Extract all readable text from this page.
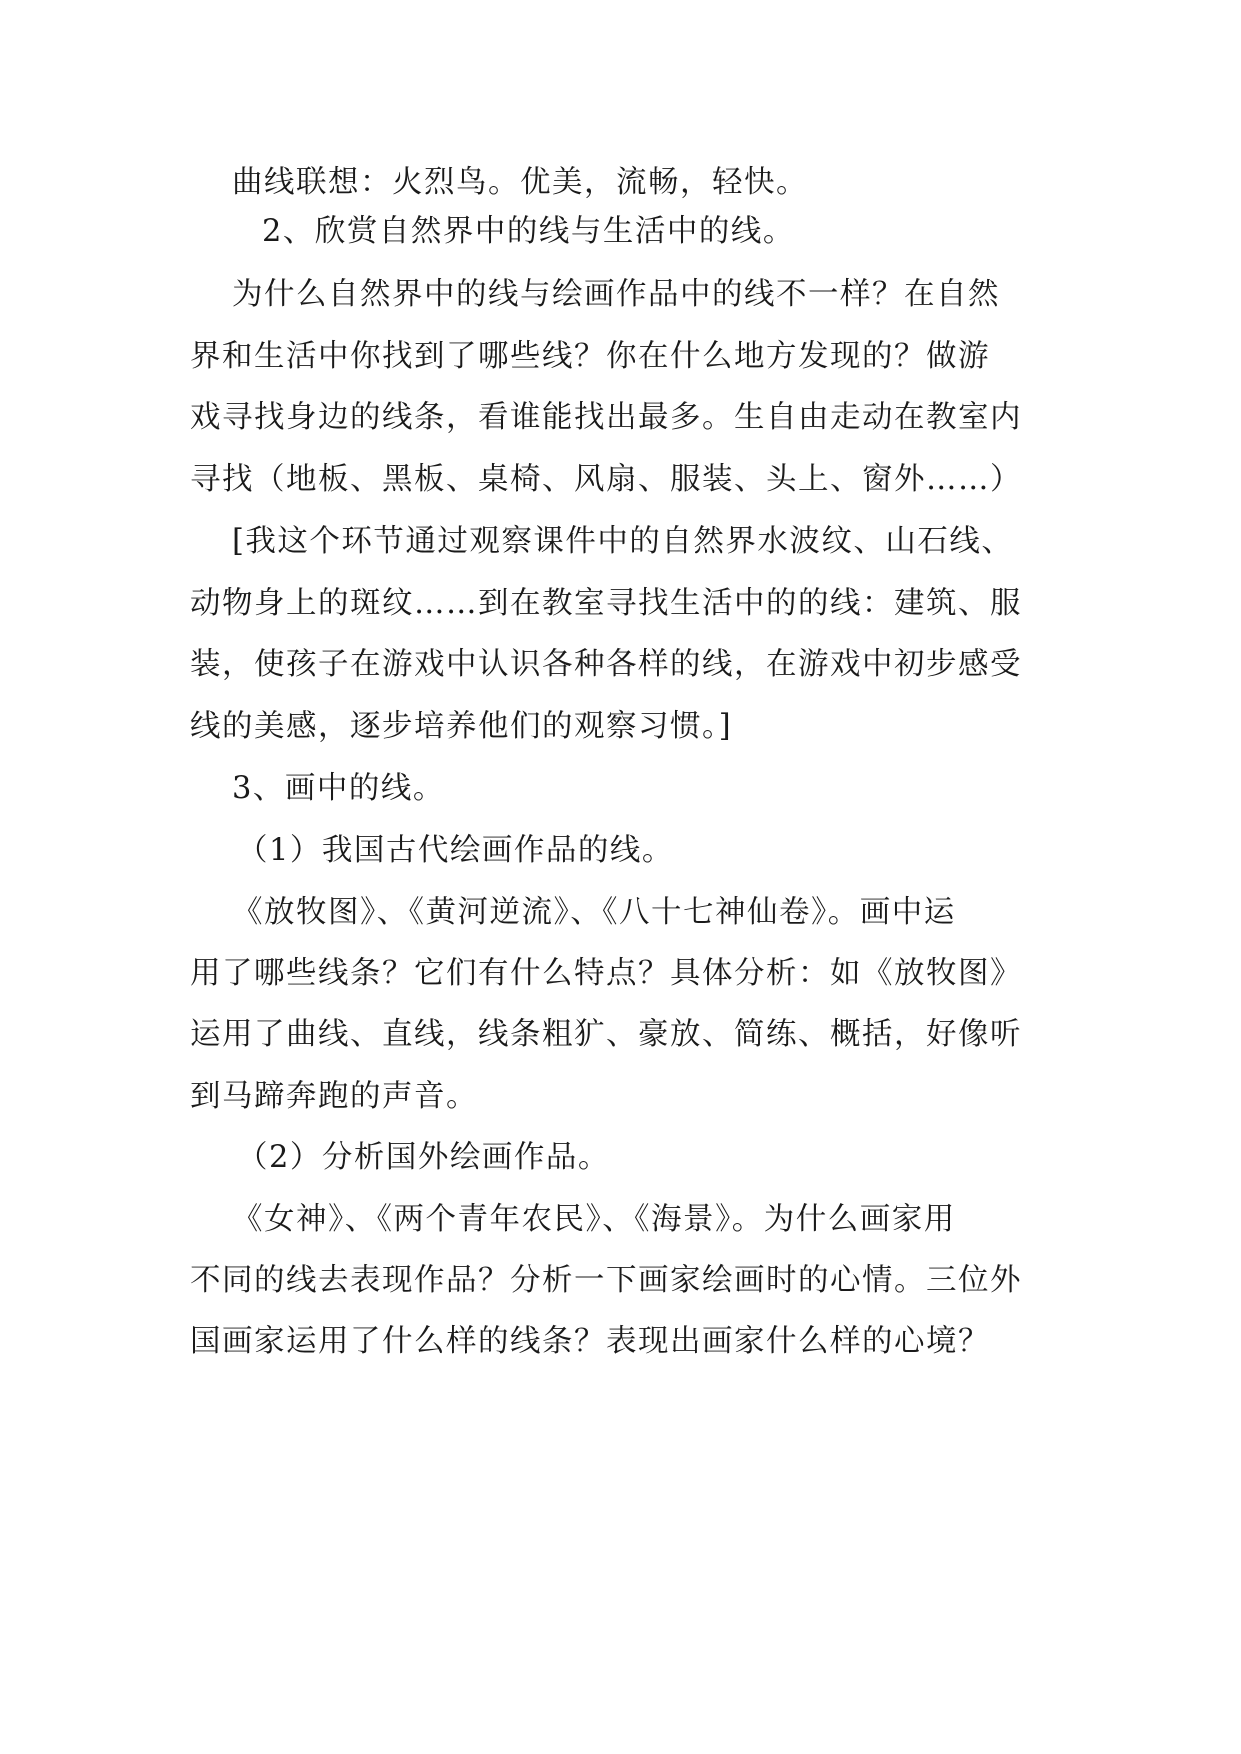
曲线联想：火烈鸟。优美，流畅，轻快。
2、欣赏自然界中的线与生活中的线。
为什么自然界中的线与绘画作品中的线不一样？在自然
界和生活中你找到了哪些线？你在什么地方发现的？做游
戏寻找身边的线条，看谁能找出最多。生自由走动在教室内
寻找（地板、黑板、桌椅、风扇、服装、头上、窗外……）
[我这个环节通过观察课件中的自然界水波纹、山石线、
动物身上的斑纹……到在教室寻找生活中的的线：建筑、服
装，使孩子在游戏中认识各种各样的线，在游戏中初步感受
线的美感，逐步培养他们的观察习惯。]
3、画中的线。
（1）我国古代绘画作品的线。
《放牧图》、《黄河逆流》、《八十七神仙卷》。画中运
用了哪些线条？它们有什么特点？具体分析：如《放牧图》
运用了曲线、直线，线条粗犷、豪放、简练、概括，好像听
到马蹄奔跑的声音。
（2）分析国外绘画作品。
《女神》、《两个青年农民》、《海景》。为什么画家用
不同的线去表现作品？分析一下画家绘画时的心情。三位外
国画家运用了什么样的线条？表现出画家什么样的心境？
